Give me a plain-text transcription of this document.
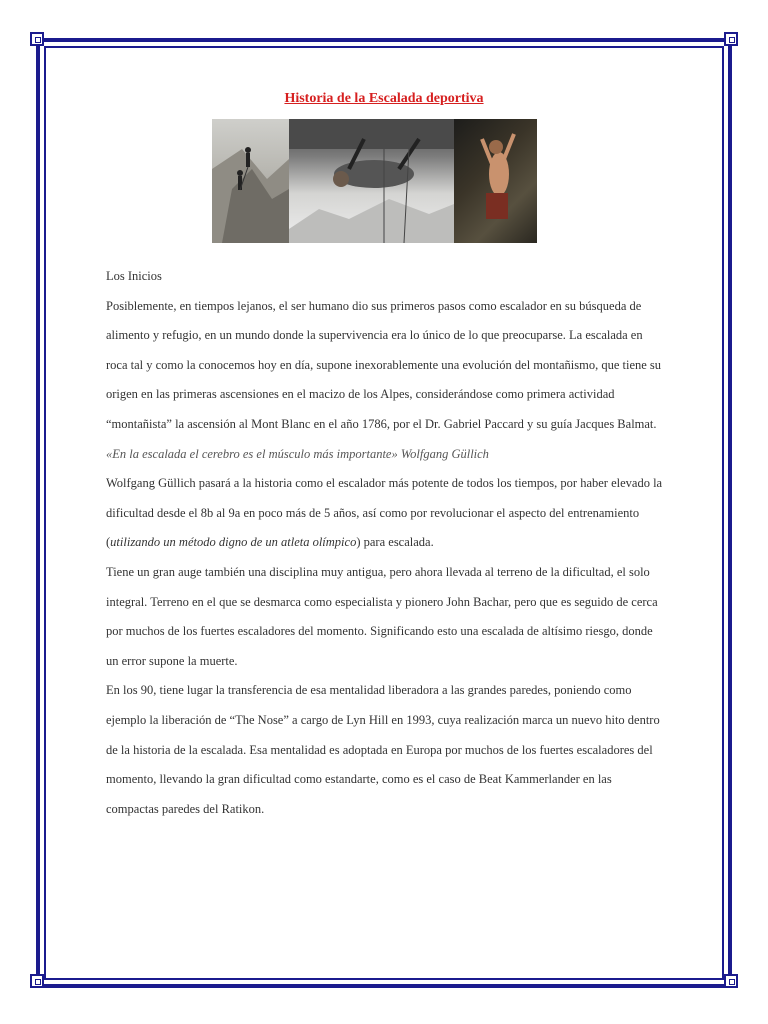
Historia de la Escalada deportiva

Los Inicios

Posiblemente, en tiempos lejanos, el ser humano dio sus primeros pasos como escalador en su búsqueda de alimento y refugio, en un mundo donde la supervivencia era lo único de lo que preocuparse. La escalada en roca tal y como la conocemos hoy en día, supone inexorablemente una evolución del montañismo, que tiene su origen en las primeras ascensiones en el macizo de los Alpes, considerándose como primera actividad “montañista” la ascensión al Mont Blanc en el año 1786, por el Dr. Gabriel Paccard y su guía Jacques Balmat.

«En la escalada el cerebro es el músculo más importante» Wolfgang Güllich

Wolfgang Güllich pasará a la historia como el escalador más potente de todos los tiempos, por haber elevado la dificultad desde el 8b al 9a en poco más de 5 años, así como por revolucionar el aspecto del entrenamiento (utilizando un método digno de un atleta olímpico) para escalada.

Tiene un gran auge también una disciplina muy antigua, pero ahora llevada al terreno de la dificultad, el solo integral. Terreno en el que se desmarca como especialista y pionero John Bachar, pero que es seguido de cerca por muchos de los fuertes escaladores del momento. Significando esto una escalada de altísimo riesgo, donde un error supone la muerte.

En los 90, tiene lugar la transferencia de esa mentalidad liberadora a las grandes paredes, poniendo como ejemplo la liberación de “The Nose” a cargo de Lyn Hill en 1993, cuya realización marca un nuevo hito dentro de la historia de la escalada. Esa mentalidad es adoptada en Europa por muchos de los fuertes escaladores del momento, llevando la gran dificultad como estandarte, como es el caso de Beat Kammerlander en las compactas paredes del Ratikon.
